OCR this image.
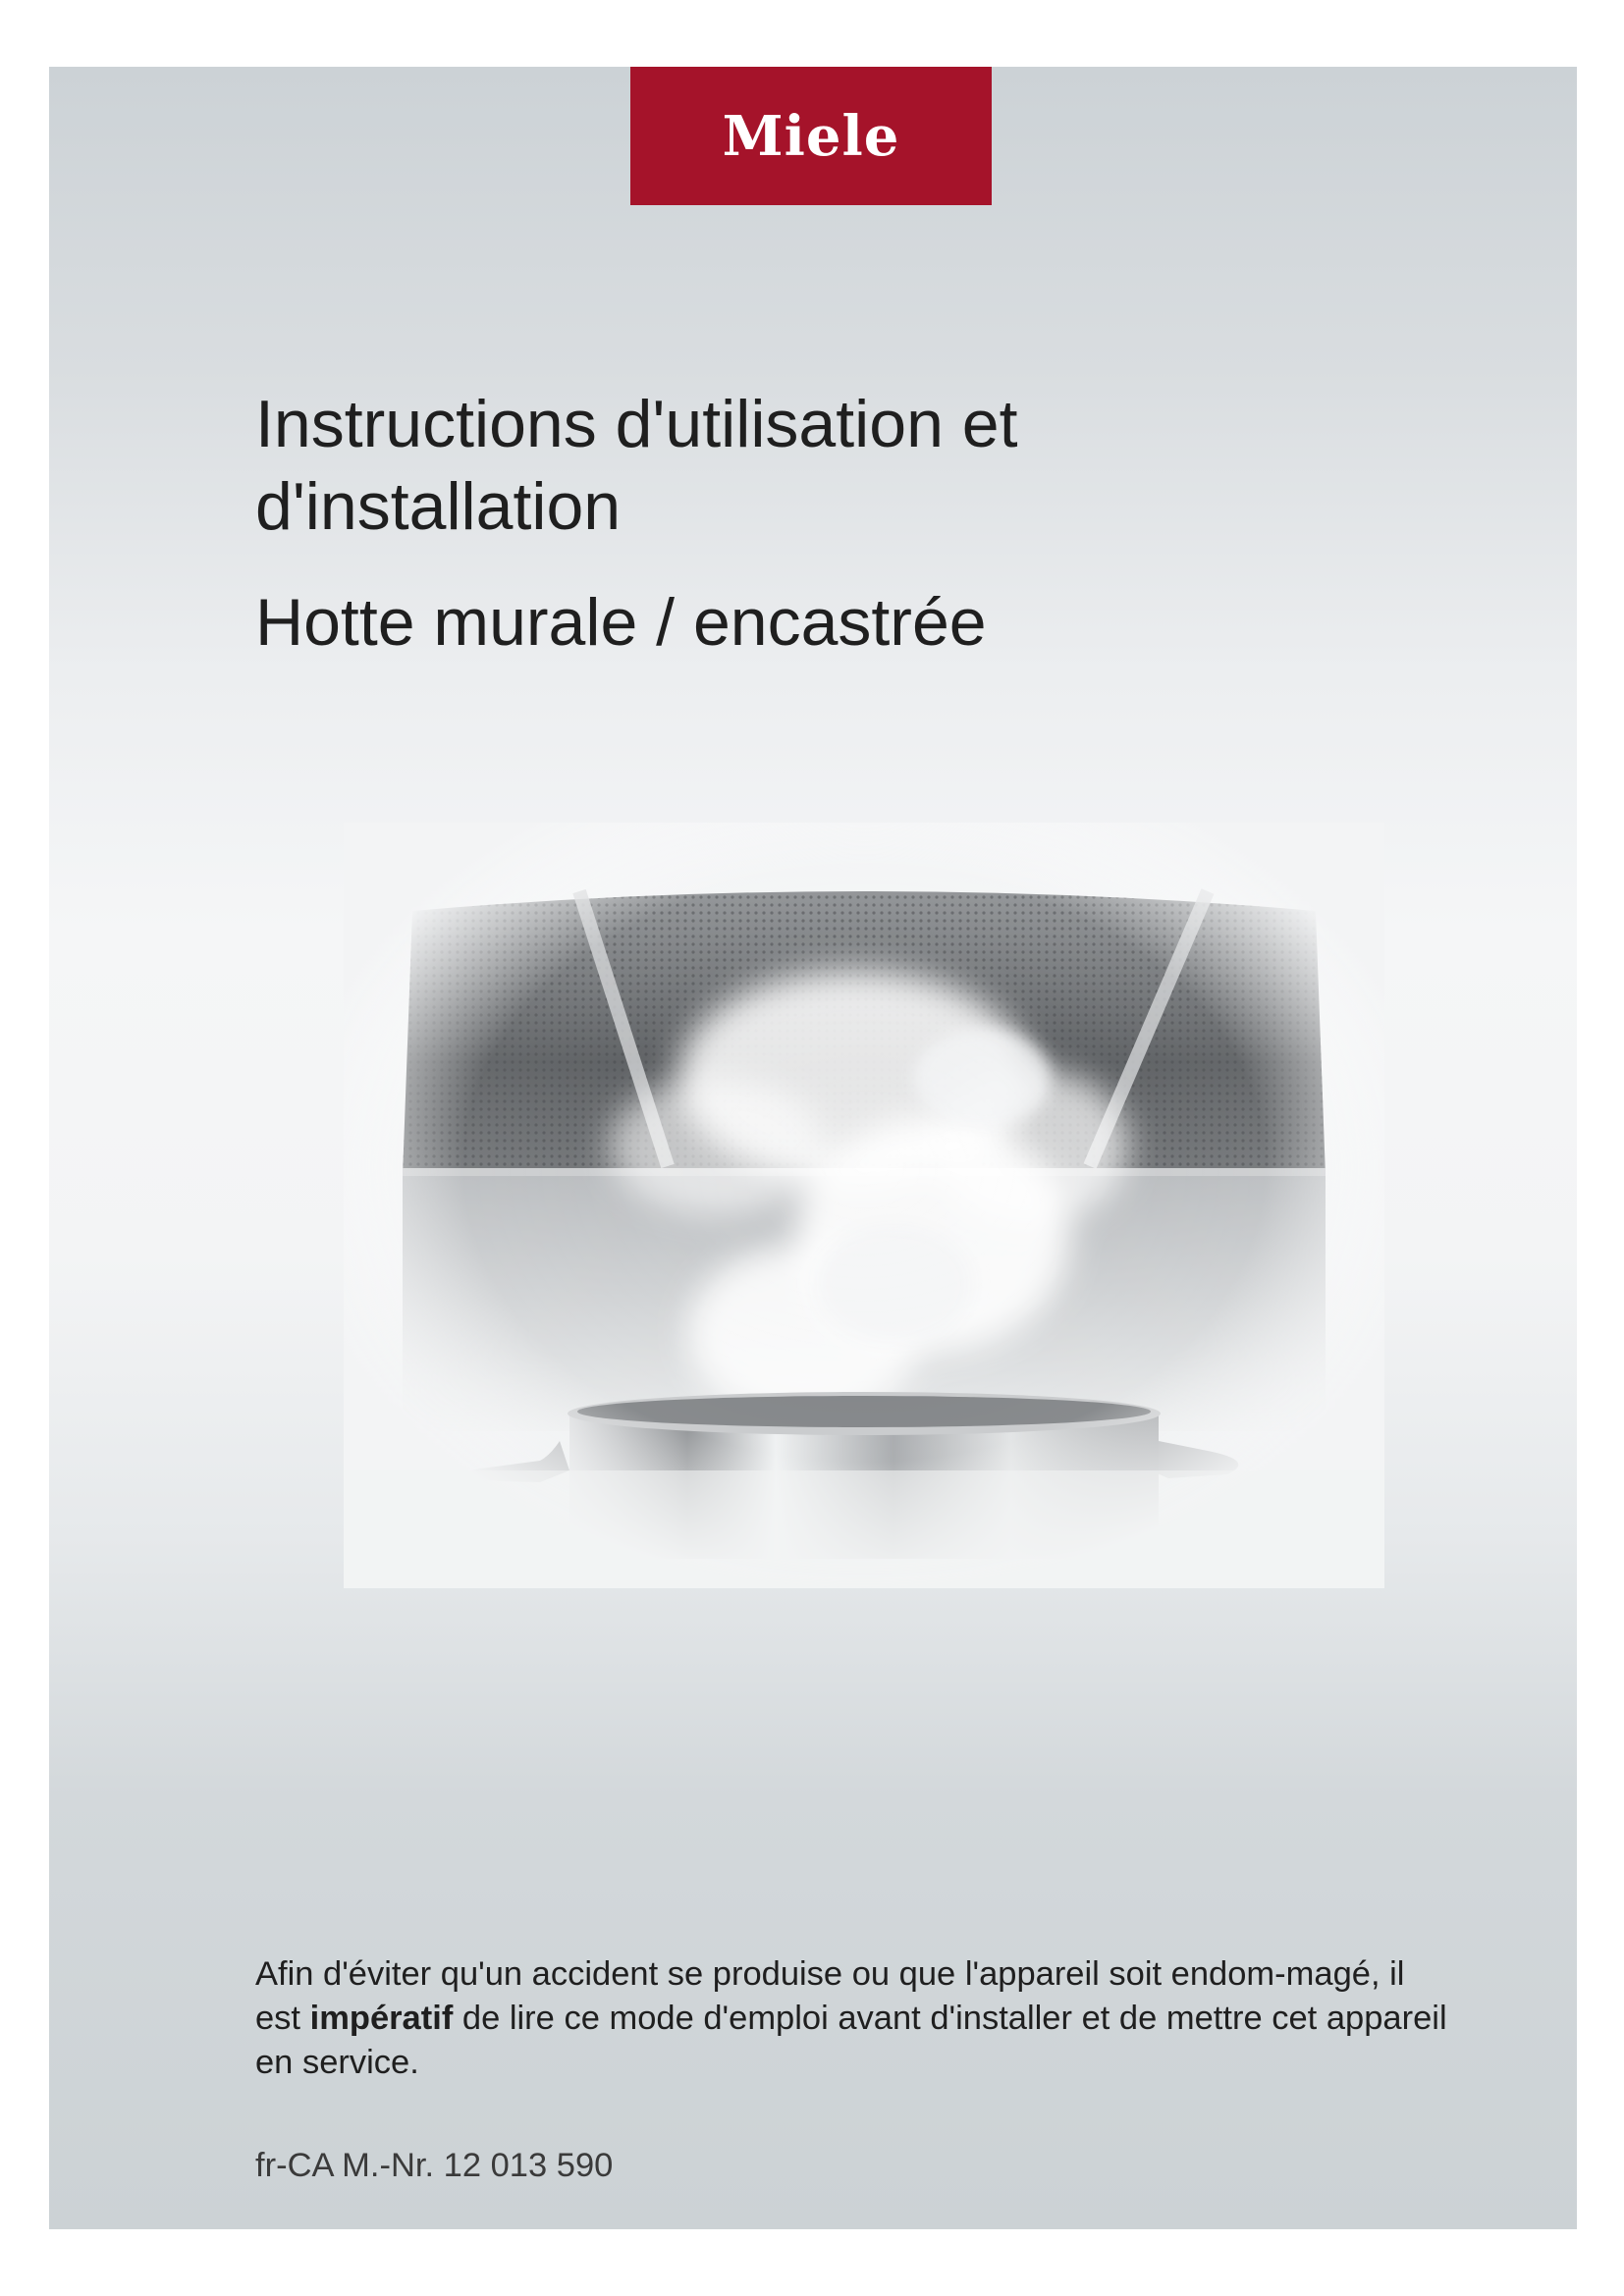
Miele
Instructions d'utilisation et
d'installation
Hotte murale / encastrée

Afin d'éviter qu'un accident se produise ou que l'appareil soit endom-magé, il est impératif de lire ce mode d'emploi avant d'installer et de mettre cet appareil en service.

fr-CA M.-Nr. 12 013 590
